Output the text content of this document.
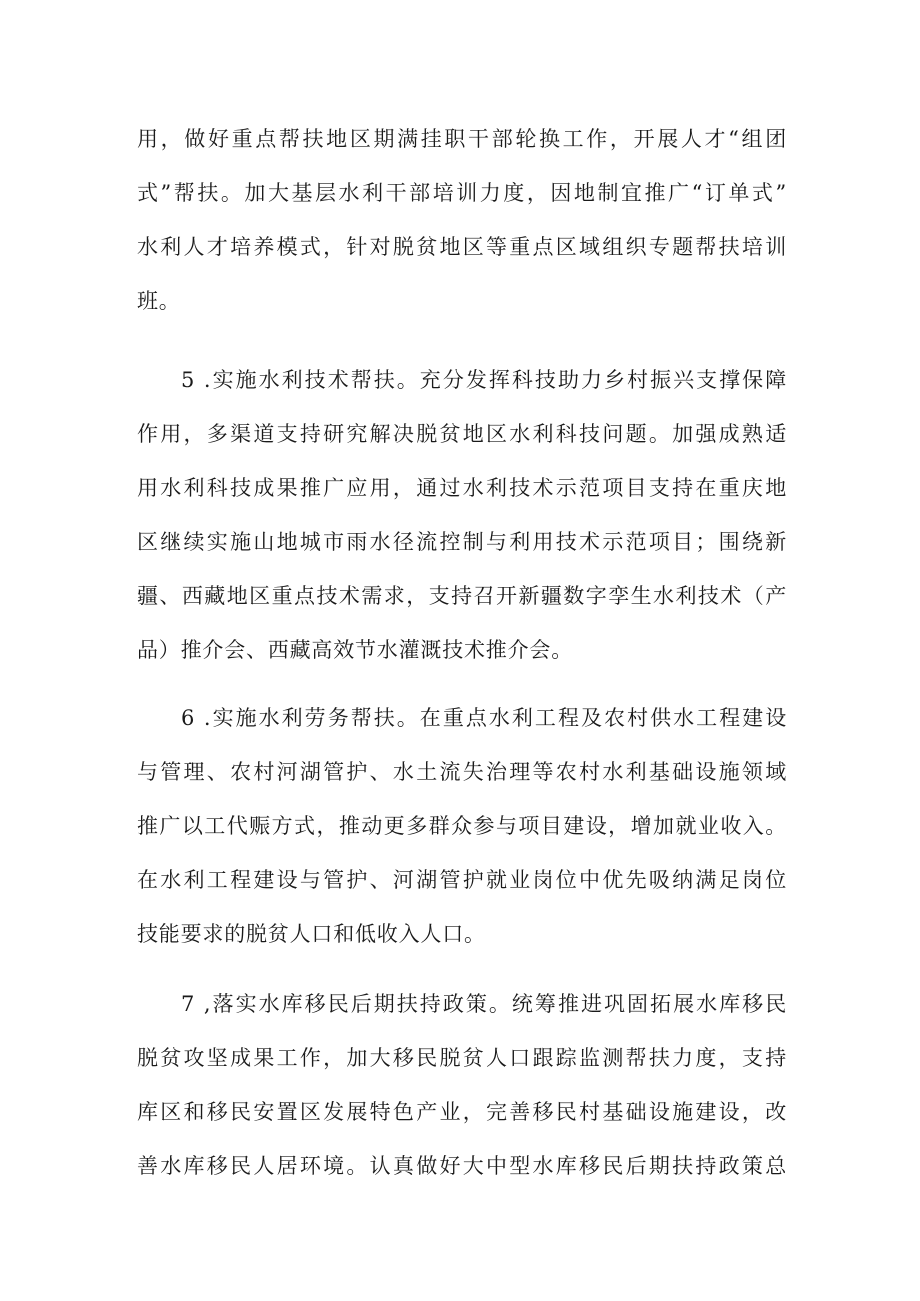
用，做好重点帮扶地区期满挂职干部轮换工作，开展人才“组团
式”帮扶。加大基层水利干部培训力度，因地制宜推广“订单式”
水利人才培养模式，针对脱贫地区等重点区域组织专题帮扶培训
班。
5 .实施水利技术帮扶。充分发挥科技助力乡村振兴支撑保障
作用，多渠道支持研究解决脱贫地区水利科技问题。加强成熟适
用水利科技成果推广应用，通过水利技术示范项目支持在重庆地
区继续实施山地城市雨水径流控制与利用技术示范项目；围绕新
疆、西藏地区重点技术需求，支持召开新疆数字孪生水利技术（产
品）推介会、西藏高效节水灌溉技术推介会。
6 .实施水利劳务帮扶。在重点水利工程及农村供水工程建设
与管理、农村河湖管护、水土流失治理等农村水利基础设施领域
推广以工代赈方式，推动更多群众参与项目建设，增加就业收入。
在水利工程建设与管护、河湖管护就业岗位中优先吸纳满足岗位
技能要求的脱贫人口和低收入人口。
7 ,落实水库移民后期扶持政策。统筹推进巩固拓展水库移民
脱贫攻坚成果工作，加大移民脱贫人口跟踪监测帮扶力度，支持
库区和移民安置区发展特色产业，完善移民村基础设施建设，改
善水库移民人居环境。认真做好大中型水库移民后期扶持政策总
